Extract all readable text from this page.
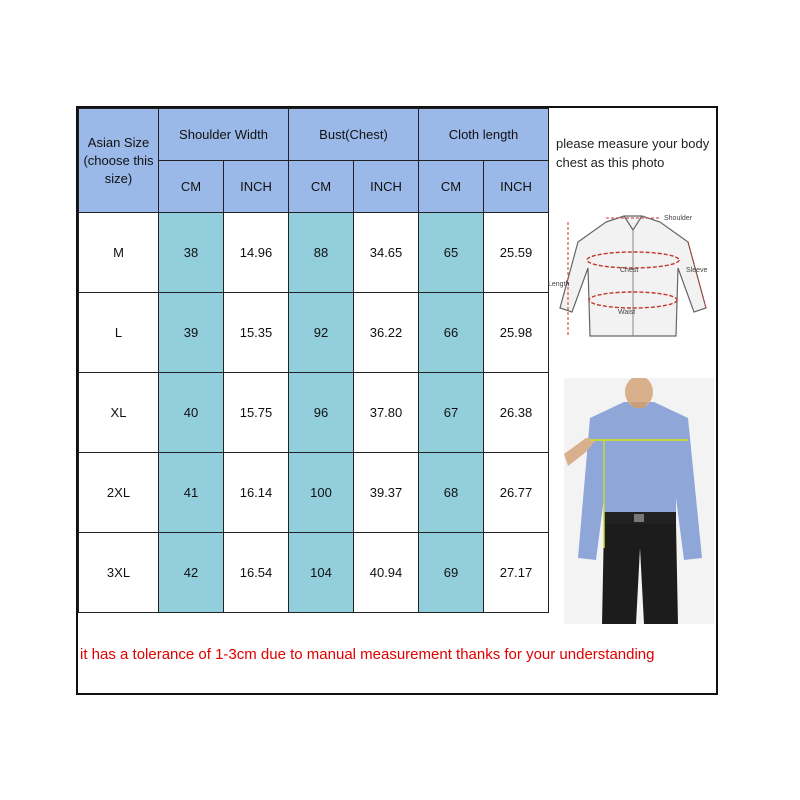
Asian Size (choose this size)	Shoulder Width		Bust(Chest)		Cloth length	
	CM	INCH	CM	INCH	CM	INCH
M	38	14.96	88	34.65	65	25.59
L	39	15.35	92	36.22	66	25.98
XL	40	15.75	96	37.80	67	26.38
2XL	41	16.14	100	39.37	68	26.77
3XL	42	16.54	104	40.94	69	27.17
please measure your body chest as this photo
Shoulder
Sleeve
Chest
Waist
Length
it has a tolerance of 1-3cm due to manual measurement thanks for your understanding
